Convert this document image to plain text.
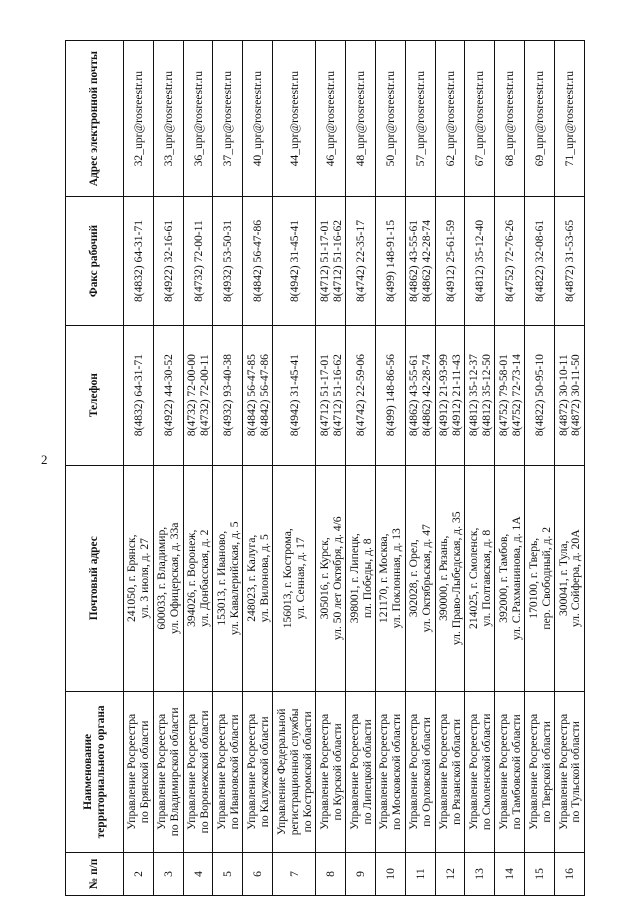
2
№ п/п	Наименование территориального органа	Почтовый адрес	Телефон	Факс рабочий	Адрес электронной почты
2	Управление Росреестра по Брянской области	241050, г. Брянск, ул. 3 июля, д. 27	8(4832) 64-31-71	8(4832) 64-31-71	32_upr@rosreestr.ru
3	Управление Росреестра по Владимирской области	600033, г. Владимир, ул. Офицерская, д. 33а	8(4922) 44-30-52	8(4922) 32-16-61	33_upr@rosreestr.ru
4	Управление Росреестра по Воронежской области	394026, г. Воронеж, ул. Донбасская, д. 2	8(4732) 72-00-00 8(4732) 72-00-11	8(4732) 72-00-11	36_upr@rosreestr.ru
5	Управление Росреестра по Ивановской области	153013, г. Иваново, ул. Кавалерийская, д. 5	8(4932) 93-40-38	8(4932) 53-50-31	37_upr@rosreestr.ru
6	Управление Росреестра по Калужской области	248023, г. Калуга, ул. Вилонова, д. 5	8(4842) 56-47-85 8(4842) 56-47-86	8(4842) 56-47-86	40_upr@rosreestr.ru
7	Управление Федеральной регистрационной службы по Костромской области	156013, г. Кострома, ул. Сенная, д. 17	8(4942) 31-45-41	8(4942) 31-45-41	44_upr@rosreestr.ru
8	Управление Росреестра по Курской области	305016, г. Курск, ул. 50 лет Октября, д. 4/6	8(4712) 51-17-01 8(4712) 51-16-62	8(4712) 51-17-01 8(4712) 51-16-62	46_upr@rosreestr.ru
9	Управление Росреестра по Липецкой области	398001, г. Липецк, пл. Победы, д. 8	8(4742) 22-59-06	8(4742) 22-35-17	48_upr@rosreestr.ru
10	Управление Росреестра по Московской области	121170, г. Москва, ул. Поклонная, д. 13	8(499) 148-86-56	8(499) 148-91-15	50_upr@rosreestr.ru
11	Управление Росреестра по Орловской области	302028, г. Орел, ул. Октябрьская, д. 47	8(4862) 43-55-61 8(4862) 42-28-74	8(4862) 43-55-61 8(4862) 42-28-74	57_upr@rosreestr.ru
12	Управление Росреестра по Рязанской области	390000, г. Рязань, ул. Право-Лыбедская, д. 35	8(4912) 21-93-99 8(4912) 21-11-43	8(4912) 25-61-59	62_upr@rosreestr.ru
13	Управление Росреестра по Смоленской области	214025, г. Смоленск, ул. Полтавская, д. 8	8(4812) 35-12-37 8(4812) 35-12-50	8(4812) 35-12-40	67_upr@rosreestr.ru
14	Управление Росреестра по Тамбовской области	392000, г. Тамбов, ул. С.Рахманинова, д. 1А	8(4752) 79-58-01 8(4752) 72-73-14	8(4752) 72-76-26	68_upr@rosreestr.ru
15	Управление Росреестра по Тверской области	170100, г. Тверь, пер. Свободный, д. 2	8(4822) 50-95-10	8(4822) 32-08-61	69_upr@rosreestr.ru
16	Управление Росреестра по Тульской области	300041, г. Тула, ул. Сойфера, д. 20А	8(4872) 30-10-11 8(4872) 30-11-50	8(4872) 31-53-65	71_upr@rosreestr.ru
